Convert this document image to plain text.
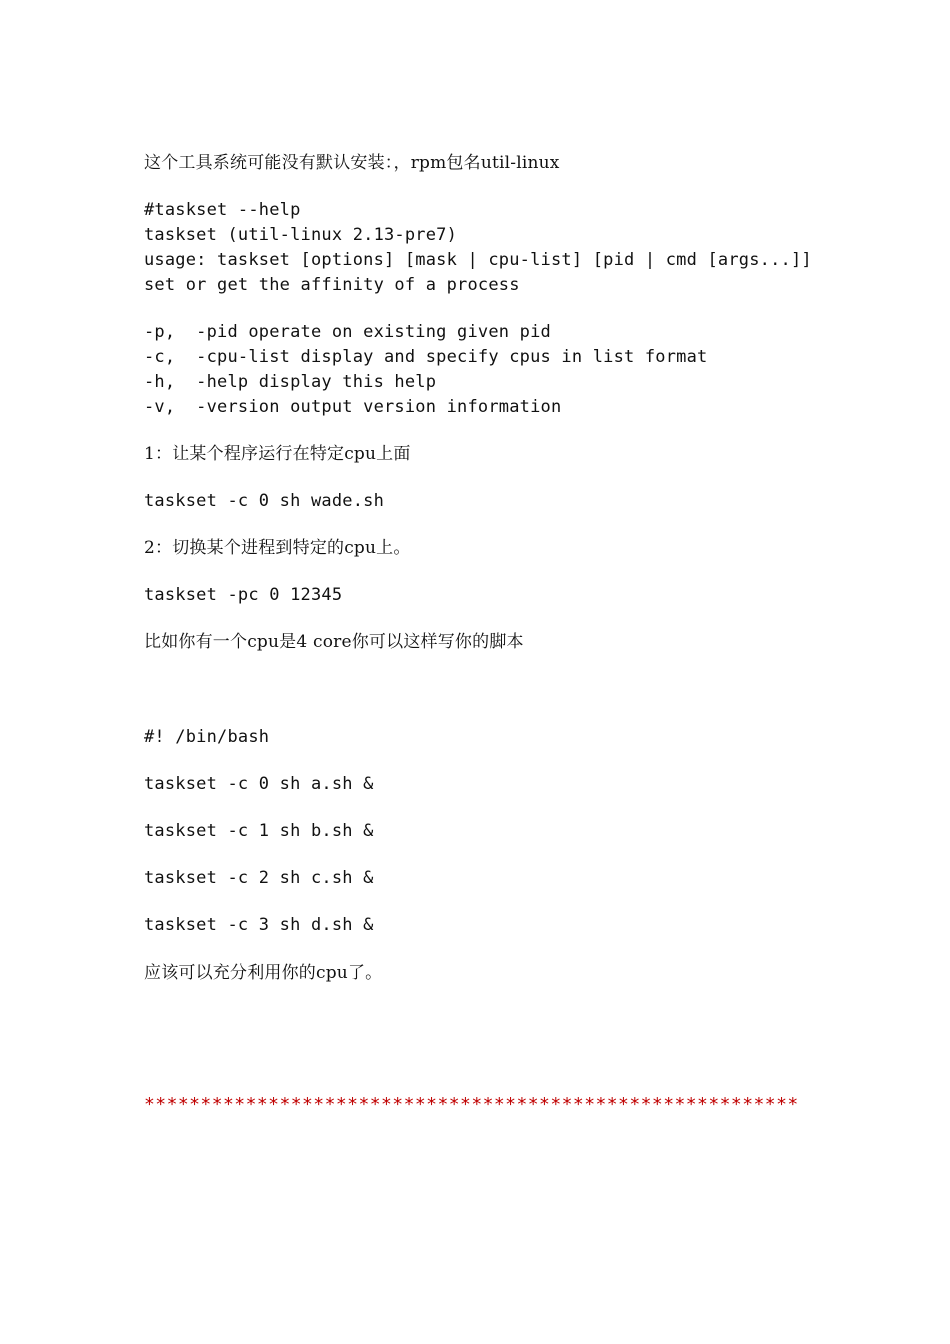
这个工具系统可能没有默认安装：，rpm包名util-linux
#taskset --help
taskset (util-linux 2.13-pre7)
usage: taskset [options] [mask | cpu-list] [pid | cmd [args...]]
set or get the affinity of a process
-p,  -pid operate on existing given pid
-c,  -cpu-list display and specify cpus in list format
-h,  -help display this help
-v,  -version output version information
1：让某个程序运行在特定cpu上面
taskset -c 0 sh wade.sh
2：切换某个进程到特定的cpu上。
taskset -pc 0 12345
比如你有一个cpu是4 core你可以这样写你的脚本
#! /bin/bash
taskset -c 0 sh a.sh &
taskset -c 1 sh b.sh &
taskset -c 2 sh c.sh &
taskset -c 3 sh d.sh &
应该可以充分利用你的cpu了。
**********************************************************
